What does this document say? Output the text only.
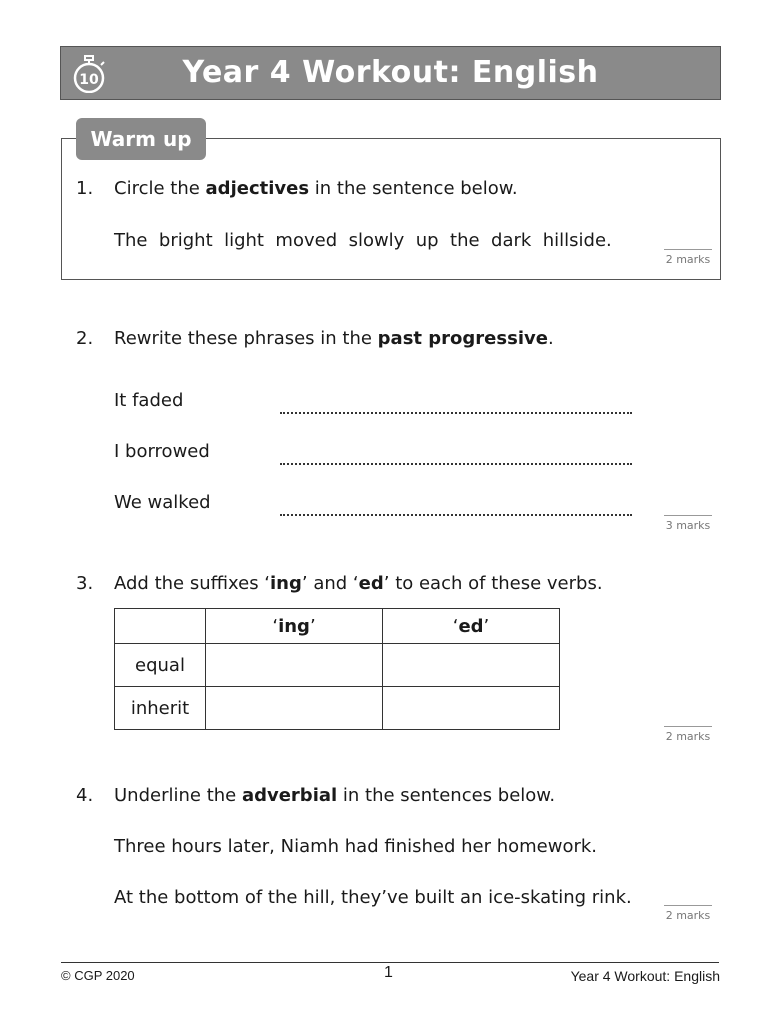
10	Year 4 Workout: English
Warm up
1. Circle the adjectives in the sentence below.
The  bright  light  moved  slowly  up  the  dark  hillside.
2 marks
2. Rewrite these phrases in the past progressive.
It faded
I borrowed
We walked
3 marks
3. Add the suffixes ‘ing’ and ‘ed’ to each of these verbs.
	‘ing’	‘ed’
equal		
inherit		
2 marks
4. Underline the adverbial in the sentences below.
Three hours later, Niamh had finished her homework.
At the bottom of the hill, they’ve built an ice-skating rink.
2 marks
© CGP 2020	1	Year 4 Workout: English
